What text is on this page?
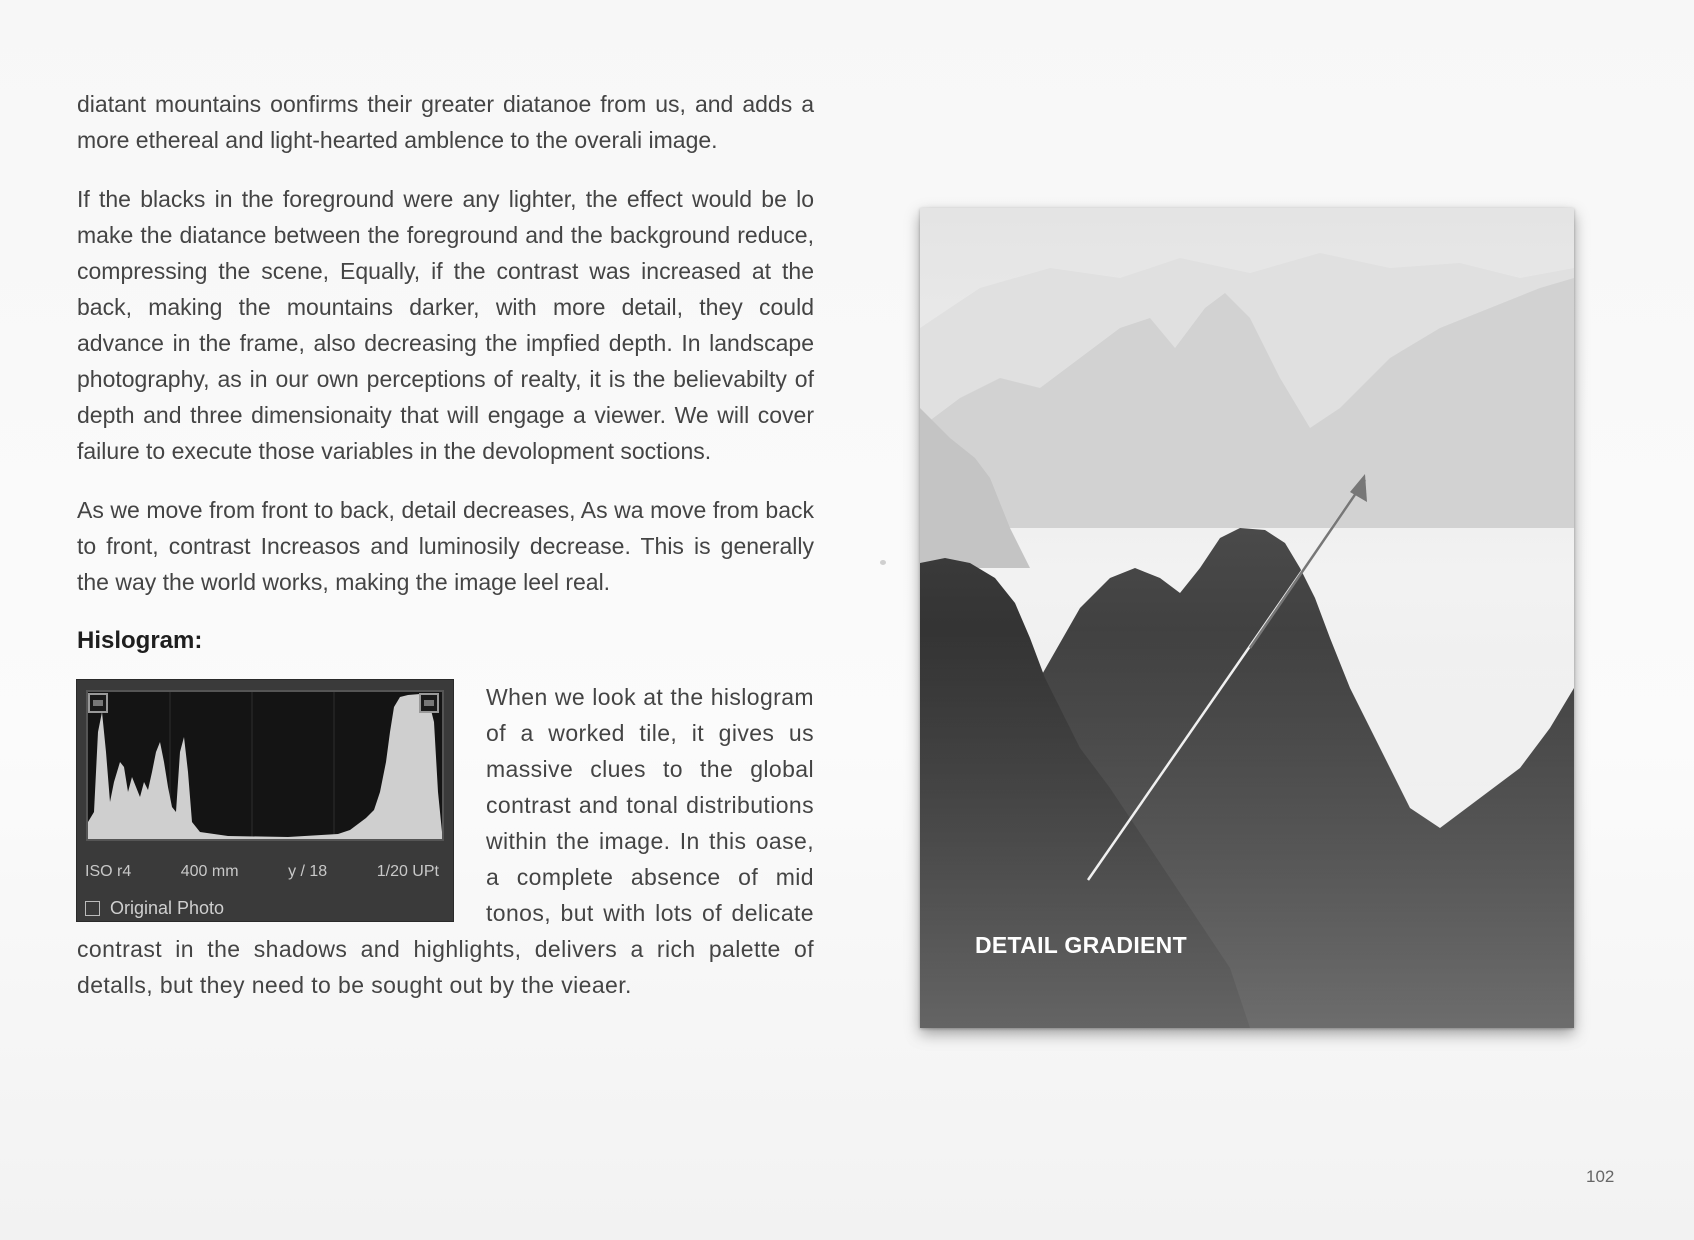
diatant mountains oonfirms their greater diatanoe from us, and adds a more ethereal and light-hearted amblence to the overali image.

If the blacks in the foreground were any lighter, the effect would be lo make the diatance between the foreground and the background reduce, compressing the scene, Equally, if the contrast was increased at the back, making the mountains darker, with more detail, they could advance in the frame, also decreasing the impfied depth. In landscape photography, as in our own perceptions of realty, it is the believabilty of depth and three dimensionaity that will engage a viewer. We will cover failure to execute those variables in the devolopment soctions.

As we move from front to back, detail decreases, As wa move from back to front, contrast Increasos and luminosily decrease. This is generally the way the world works, making the image leel real.

Hislogram:
ISO r4	400 mm	y / 18	1/20 UPt
Original Photo

When we look at the hislogram of a worked tile, it gives us massive clues to the global contrast and tonal distributions within the image. In this oase, a complete absence of mid tonos, but with lots of delicate contrast in the shadows and highlights, delivers a rich palette of detalls, but they need to be sought out by the vieaer.

DETAIL GRADIENT
102
